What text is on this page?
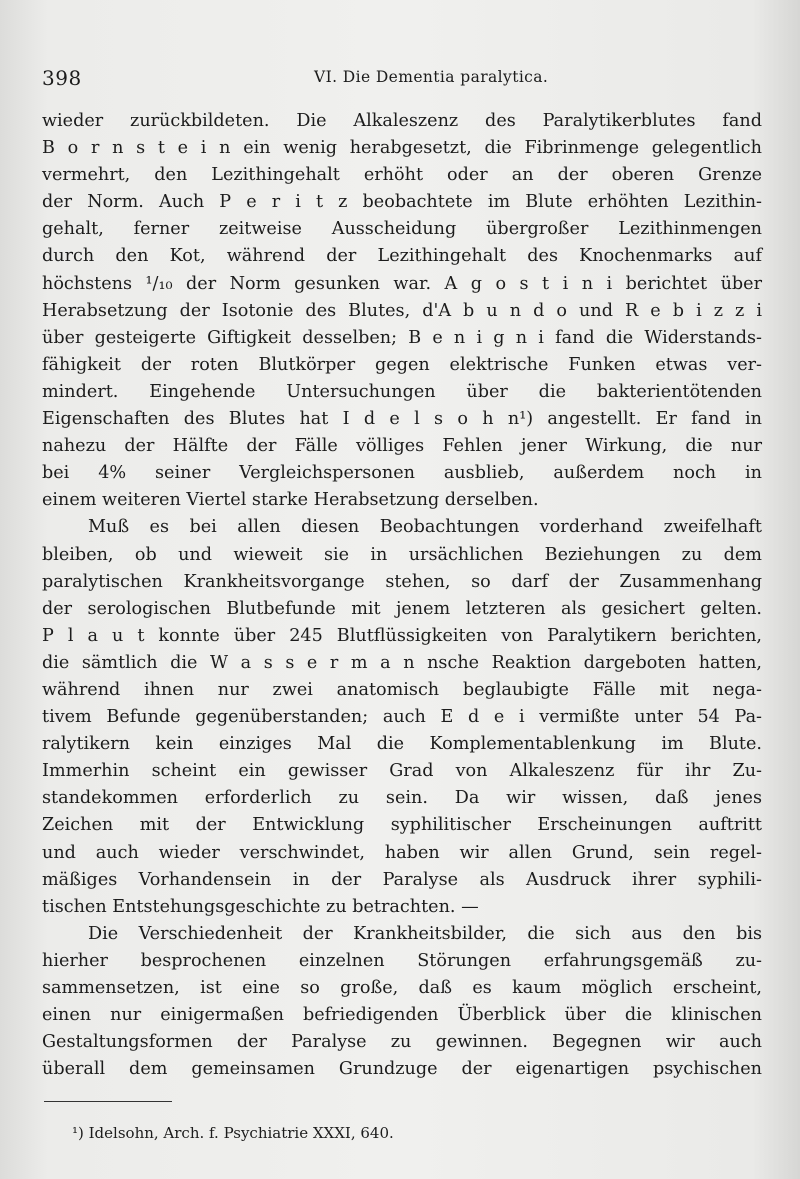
398	VI. Die Dementia paralytica.
wieder zurückbildeten. Die Alkaleszenz des Paralytikerblutes fand
B o r n s t e i n ein wenig herabgesetzt, die Fibrinmenge gelegentlich
vermehrt, den Lezithingehalt erhöht oder an der oberen Grenze
der Norm. Auch P e r i t z beobachtete im Blute erhöhten Lezithin-
gehalt, ferner zeitweise Ausscheidung übergroßer Lezithinmengen
durch den Kot, während der Lezithingehalt des Knochenmarks auf
höchstens ¹/₁₀ der Norm gesunken war. A g o s t i n i berichtet über
Herabsetzung der Isotonie des Blutes, d'A b u n d o und R e b i z z i
über gesteigerte Giftigkeit desselben; B e n i g n i fand die Widerstands-
fähigkeit der roten Blutkörper gegen elektrische Funken etwas ver-
mindert. Eingehende Untersuchungen über die bakterientötenden
Eigenschaften des Blutes hat I d e l s o h n¹) angestellt. Er fand in
nahezu der Hälfte der Fälle völliges Fehlen jener Wirkung, die nur
bei 4% seiner Vergleichspersonen ausblieb, außerdem noch in
einem weiteren Viertel starke Herabsetzung derselben.
Muß es bei allen diesen Beobachtungen vorderhand zweifelhaft
bleiben, ob und wieweit sie in ursächlichen Beziehungen zu dem
paralytischen Krankheitsvorgange stehen, so darf der Zusammenhang
der serologischen Blutbefunde mit jenem letzteren als gesichert gelten.
P l a u t konnte über 245 Blutflüssigkeiten von Paralytikern berichten,
die sämtlich die W a s s e r m a n nsche Reaktion dargeboten hatten,
während ihnen nur zwei anatomisch beglaubigte Fälle mit nega-
tivem Befunde gegenüberstanden; auch E d e i vermißte unter 54 Pa-
ralytikern kein einziges Mal die Komplementablenkung im Blute.
Immerhin scheint ein gewisser Grad von Alkaleszenz für ihr Zu-
standekommen erforderlich zu sein. Da wir wissen, daß jenes
Zeichen mit der Entwicklung syphilitischer Erscheinungen auftritt
und auch wieder verschwindet, haben wir allen Grund, sein regel-
mäßiges Vorhandensein in der Paralyse als Ausdruck ihrer syphili-
tischen Entstehungsgeschichte zu betrachten. —
Die Verschiedenheit der Krankheitsbilder, die sich aus den bis
hierher besprochenen einzelnen Störungen erfahrungsgemäß zu-
sammensetzen, ist eine so große, daß es kaum möglich erscheint,
einen nur einigermaßen befriedigenden Überblick über die klinischen
Gestaltungsformen der Paralyse zu gewinnen. Begegnen wir auch
überall dem gemeinsamen Grundzuge der eigenartigen psychischen
¹) Idelsohn, Arch. f. Psychiatrie XXXI, 640.
